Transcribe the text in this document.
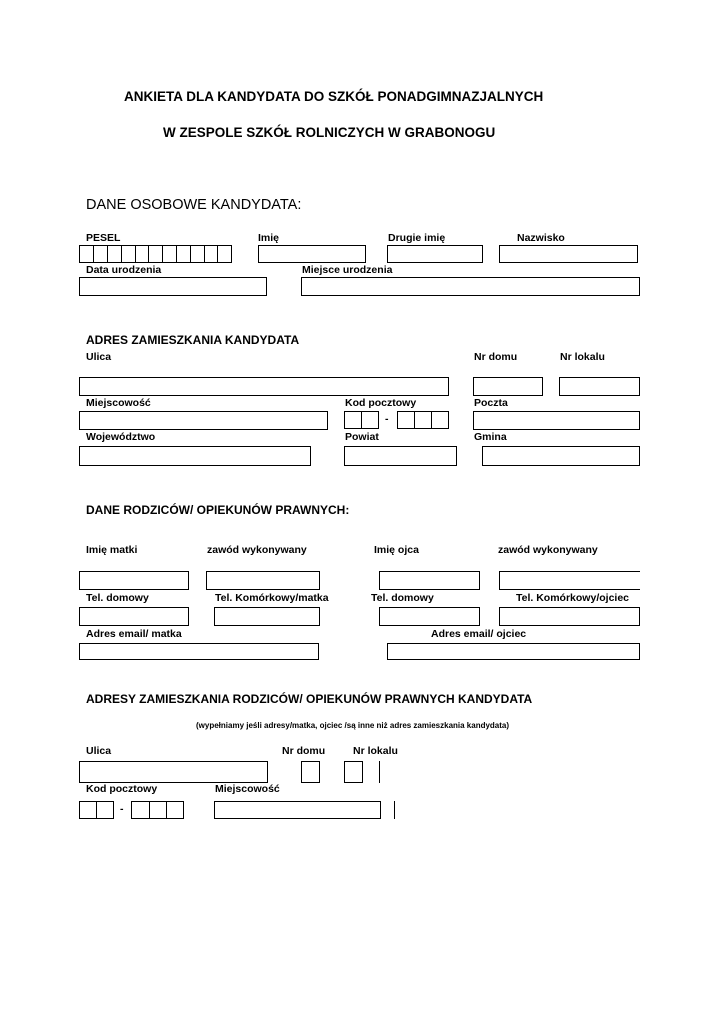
ANKIETA DLA KANDYDATA DO SZKÓŁ PONADGIMNAZJALNYCH
W ZESPOLE SZKÓŁ ROLNICZYCH W GRABONOGU
DANE OSOBOWE KANDYDATA:
PESEL	Imię	Drugie imię	Nazwisko
Data urodzenia	Miejsce urodzenia
ADRES ZAMIESZKANIA KANDYDATA
Ulica	Nr domu	Nr lokalu
Miejscowość	Kod pocztowy	Poczta
-
Województwo	Powiat	Gmina
DANE RODZICÓW/ OPIEKUNÓW PRAWNYCH:
Imię matki	zawód wykonywany	Imię ojca	zawód wykonywany
Tel. domowy	Tel. Komórkowy/matka	Tel. domowy	Tel. Komórkowy/ojciec
Adres email/ matka	Adres email/ ojciec
ADRESY ZAMIESZKANIA RODZICÓW/ OPIEKUNÓW PRAWNYCH KANDYDATA
(wypełniamy jeśli adresy/matka, ojciec /są inne niż adres zamieszkania kandydata)
Ulica	Nr domu	Nr lokalu
Kod pocztowy	Miejscowość
-
